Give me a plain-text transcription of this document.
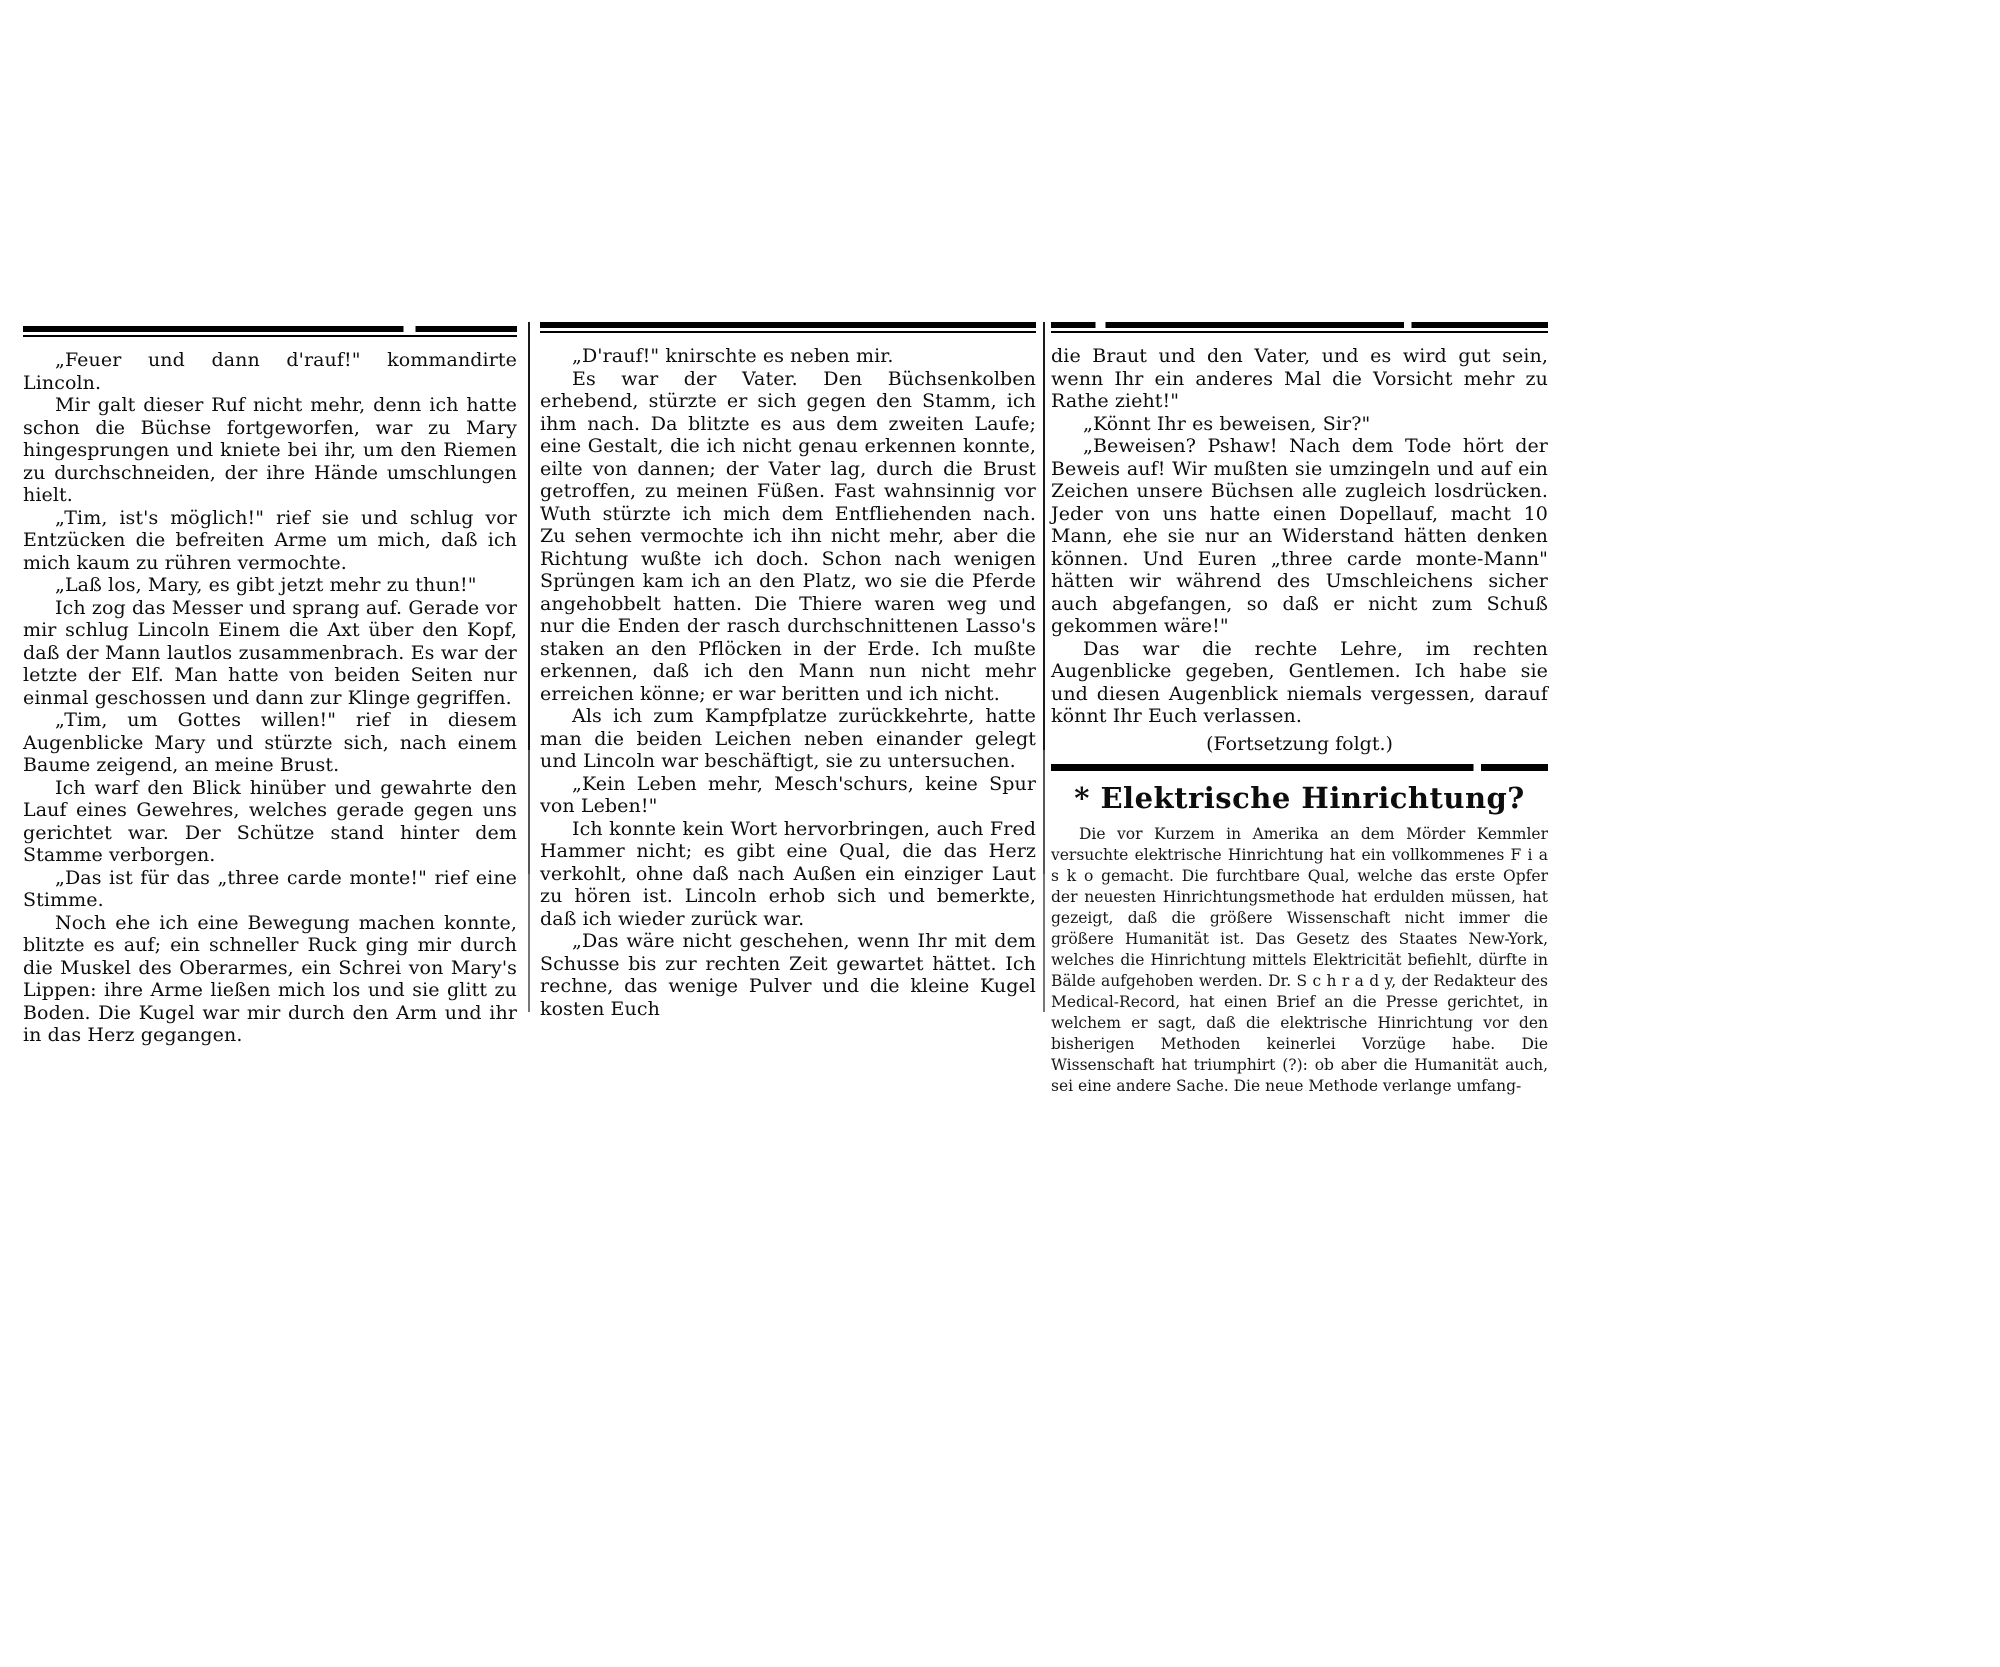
„Feuer und dann d'rauf!" kommandirte Lincoln.

Mir galt dieser Ruf nicht mehr, denn ich hatte schon die Büchse fortgeworfen, war zu Mary hingesprungen und kniete bei ihr, um den Riemen zu durchschneiden, der ihre Hände umschlungen hielt.

„Tim, ist's möglich!" rief sie und schlug vor Entzücken die befreiten Arme um mich, daß ich mich kaum zu rühren vermochte.

„Laß los, Mary, es gibt jetzt mehr zu thun!"

Ich zog das Messer und sprang auf. Gerade vor mir schlug Lincoln Einem die Axt über den Kopf, daß der Mann lautlos zusammenbrach. Es war der letzte der Elf. Man hatte von beiden Seiten nur einmal geschossen und dann zur Klinge gegriffen.

„Tim, um Gottes willen!" rief in diesem Augenblicke Mary und stürzte sich, nach einem Baume zeigend, an meine Brust.

Ich warf den Blick hinüber und gewahrte den Lauf eines Gewehres, welches gerade gegen uns gerichtet war. Der Schütze stand hinter dem Stamme verborgen.

„Das ist für das „three carde monte!" rief eine Stimme.

Noch ehe ich eine Bewegung machen konnte, blitzte es auf; ein schneller Ruck ging mir durch die Muskel des Oberarmes, ein Schrei von Mary's Lippen: ihre Arme ließen mich los und sie glitt zu Boden. Die Kugel war mir durch den Arm und ihr in das Herz gegangen.

„D'rauf!" knirschte es neben mir.

Es war der Vater. Den Büchsenkolben erhebend, stürzte er sich gegen den Stamm, ich ihm nach. Da blitzte es aus dem zweiten Laufe; eine Gestalt, die ich nicht genau erkennen konnte, eilte von dannen; der Vater lag, durch die Brust getroffen, zu meinen Füßen. Fast wahnsinnig vor Wuth stürzte ich mich dem Entfliehenden nach. Zu sehen vermochte ich ihn nicht mehr, aber die Richtung wußte ich doch. Schon nach wenigen Sprüngen kam ich an den Platz, wo sie die Pferde angehobbelt hatten. Die Thiere waren weg und nur die Enden der rasch durchschnittenen Lasso's staken an den Pflöcken in der Erde. Ich mußte erkennen, daß ich den Mann nun nicht mehr erreichen könne; er war beritten und ich nicht.

Als ich zum Kampfplatze zurückkehrte, hatte man die beiden Leichen neben einander gelegt und Lincoln war beschäftigt, sie zu untersuchen.

„Kein Leben mehr, Mesch'schurs, keine Spur von Leben!"

Ich konnte kein Wort hervorbringen, auch Fred Hammer nicht; es gibt eine Qual, die das Herz verkohlt, ohne daß nach Außen ein einziger Laut zu hören ist. Lincoln erhob sich und bemerkte, daß ich wieder zurück war.

„Das wäre nicht geschehen, wenn Ihr mit dem Schusse bis zur rechten Zeit gewartet hättet. Ich rechne, das wenige Pulver und die kleine Kugel kosten Euch

die Braut und den Vater, und es wird gut sein, wenn Ihr ein anderes Mal die Vorsicht mehr zu Rathe zieht!"

„Könnt Ihr es beweisen, Sir?"

„Beweisen? Pshaw! Nach dem Tode hört der Beweis auf! Wir mußten sie umzingeln und auf ein Zeichen unsere Büchsen alle zugleich losdrücken. Jeder von uns hatte einen Dopellauf, macht 10 Mann, ehe sie nur an Widerstand hätten denken können. Und Euren „three carde monte-Mann" hätten wir während des Umschleichens sicher auch abgefangen, so daß er nicht zum Schuß gekommen wäre!"

Das war die rechte Lehre, im rechten Augenblicke gegeben, Gentlemen. Ich habe sie und diesen Augenblick niemals vergessen, darauf könnt Ihr Euch verlassen.

(Fortsetzung folgt.)

* Elektrische Hinrichtung?

Die vor Kurzem in Amerika an dem Mörder Kemmler versuchte elektrische Hinrichtung hat ein vollkommenes F i a s k o gemacht. Die furchtbare Qual, welche das erste Opfer der neuesten Hinrichtungsmethode hat erdulden müssen, hat gezeigt, daß die größere Wissenschaft nicht immer die größere Humanität ist. Das Gesetz des Staates New-York, welches die Hinrichtung mittels Elektricität befiehlt, dürfte in Bälde aufgehoben werden. Dr. S c h r a d y, der Redakteur des Medical-Record, hat einen Brief an die Presse gerichtet, in welchem er sagt, daß die elektrische Hinrichtung vor den bisherigen Methoden keinerlei Vorzüge habe. Die Wissenschaft hat triumphirt (?): ob aber die Humanität auch, sei eine andere Sache. Die neue Methode verlange umfang-
